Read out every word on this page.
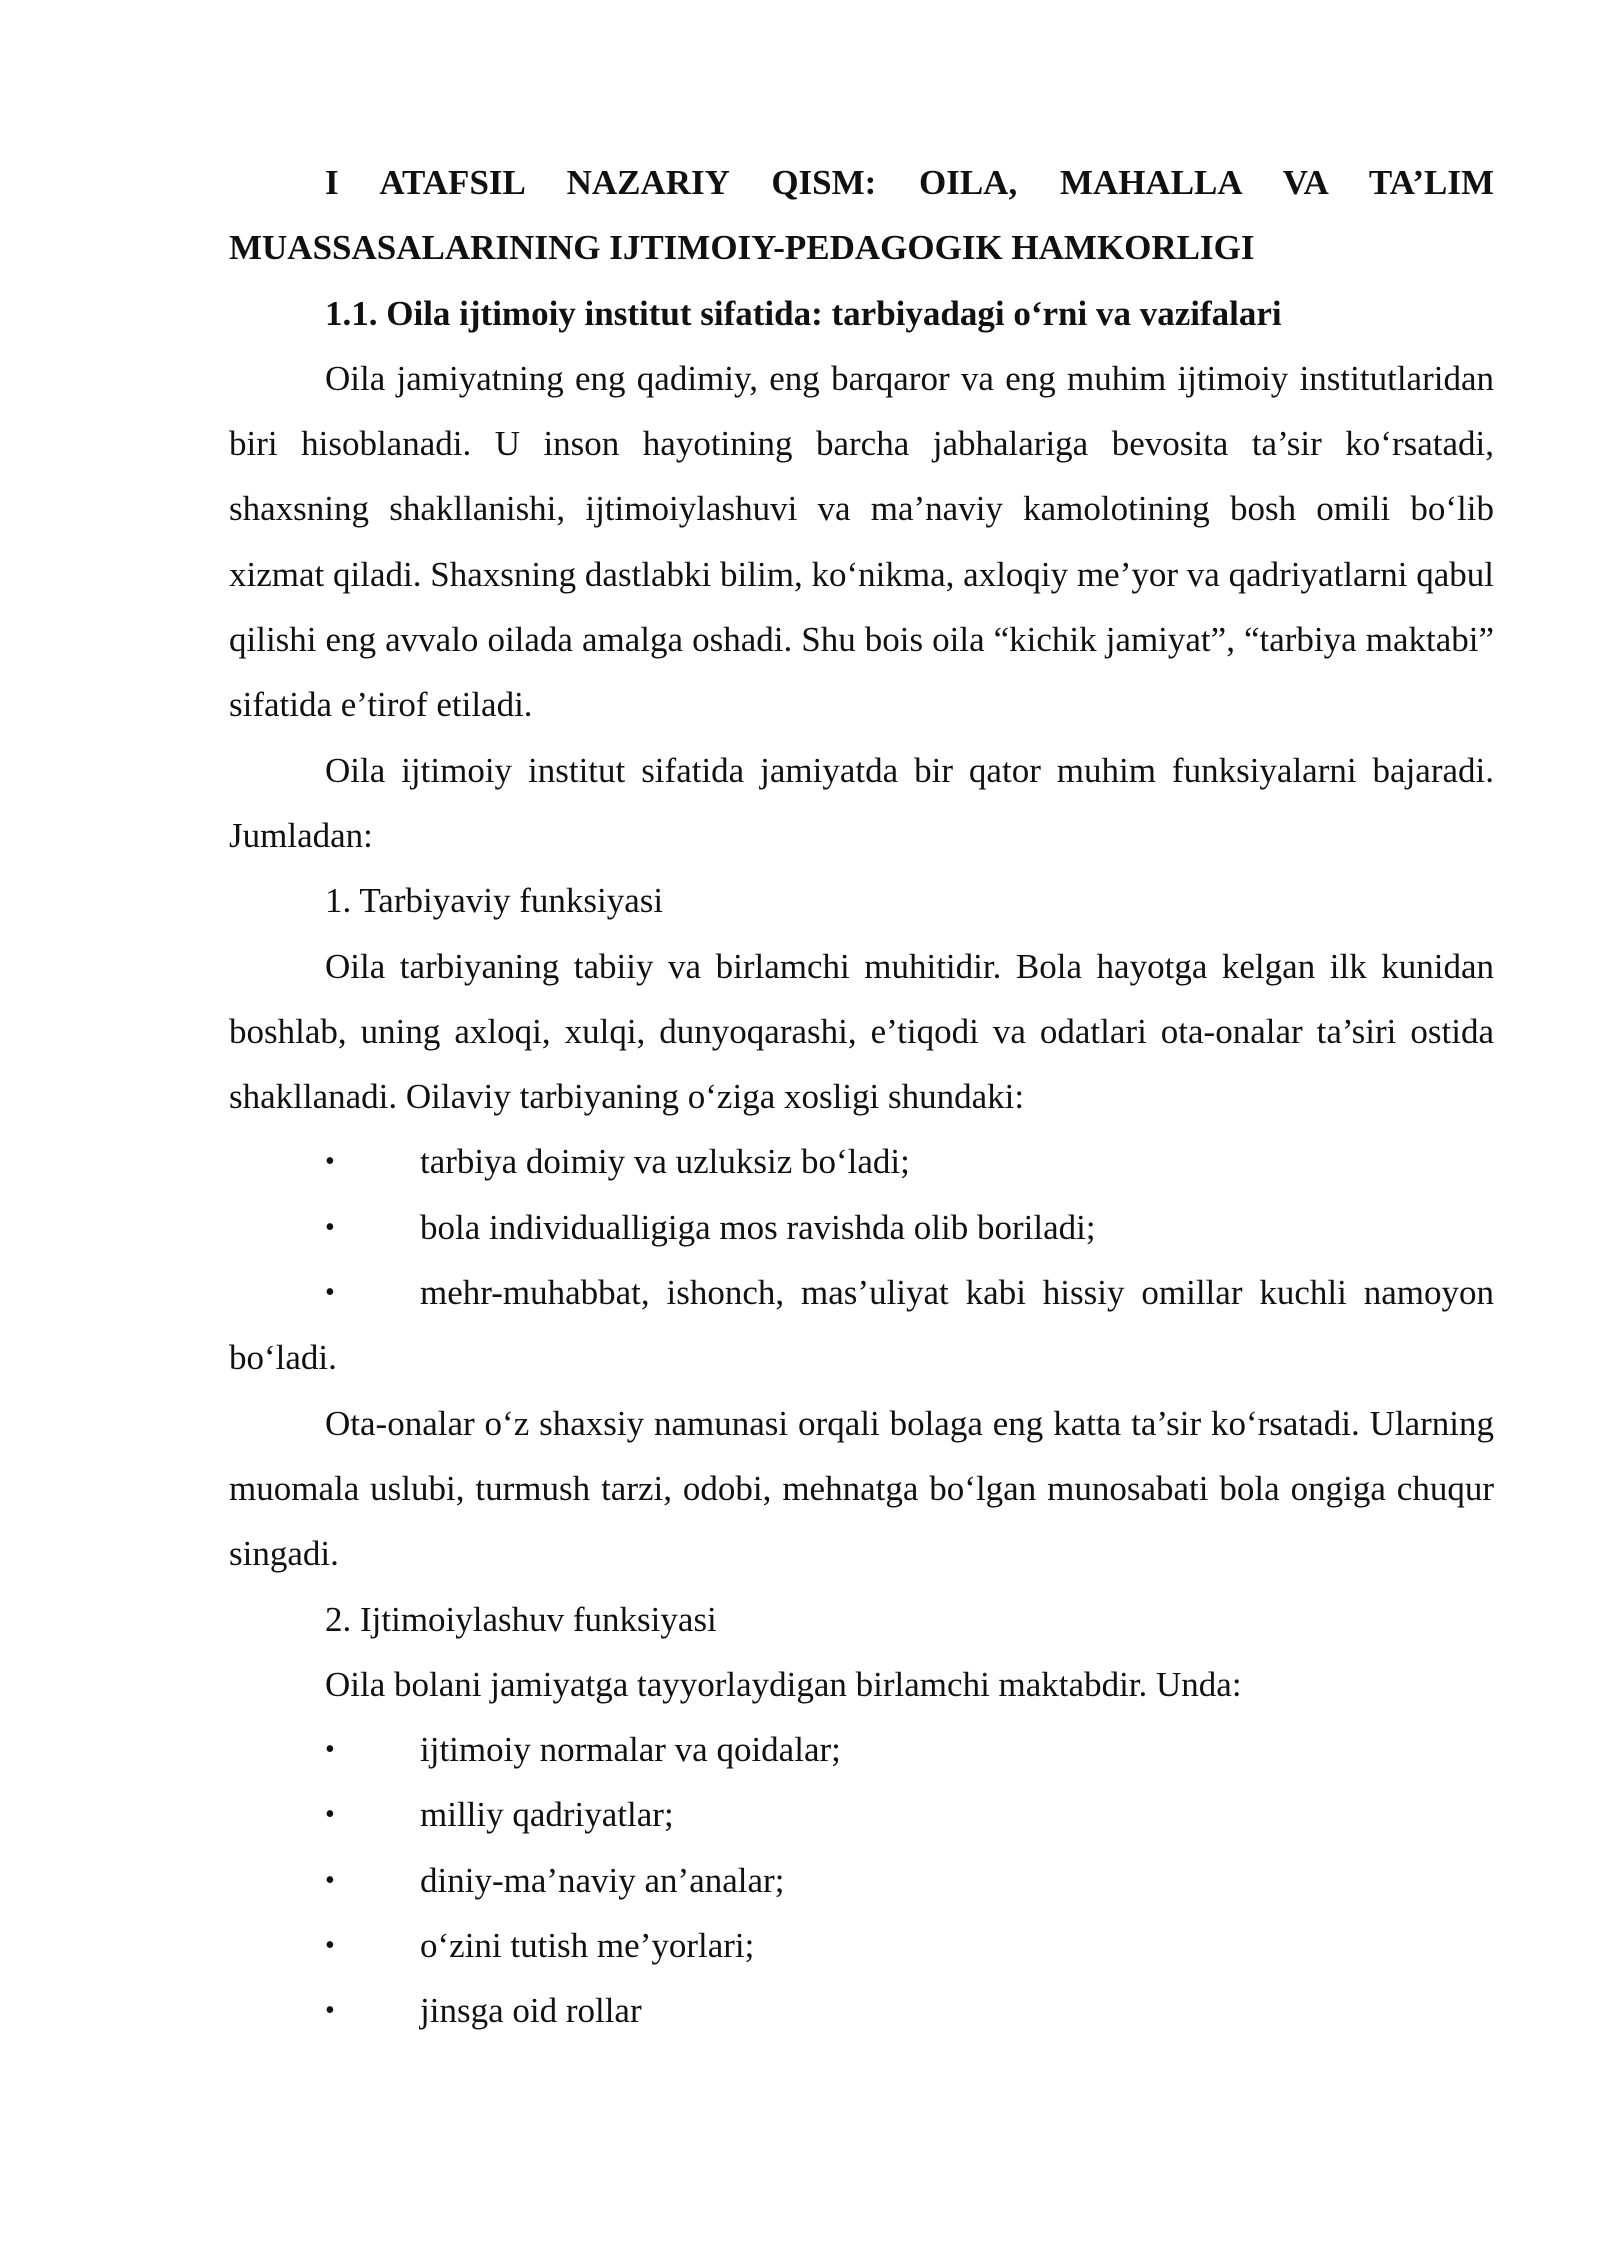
I ATAFSIL NAZARIY QISM: OILA, MAHALLA VA TA’LIM

MUASSASALARINING IJTIMOIY-PEDAGOGIK HAMKORLIGI

1.1. Oila ijtimoiy institut sifatida: tarbiyadagi o‘rni va vazifalari

Oila jamiyatning eng qadimiy, eng barqaror va eng muhim ijtimoiy institutlaridan biri hisoblanadi. U inson hayotining barcha jabhalariga bevosita ta’sir ko‘rsatadi, shaxsning shakllanishi, ijtimoiylashuvi va ma’naviy kamolotining bosh omili bo‘lib xizmat qiladi. Shaxsning dastlabki bilim, ko‘nikma, axloqiy me’yor va qadriyatlarni qabul qilishi eng avvalo oilada amalga oshadi. Shu bois oila “kichik jamiyat”, “tarbiya maktabi” sifatida e’tirof etiladi.

Oila ijtimoiy institut sifatida jamiyatda bir qator muhim funksiyalarni bajaradi. Jumladan:

1. Tarbiyaviy funksiyasi

Oila tarbiyaning tabiiy va birlamchi muhitidir. Bola hayotga kelgan ilk kunidan boshlab, uning axloqi, xulqi, dunyoqarashi, e’tiqodi va odatlari ota-onalar ta’siri ostida shakllanadi. Oilaviy tarbiyaning o‘ziga xosligi shundaki:

• tarbiya doimiy va uzluksiz bo‘ladi;
• bola individualligiga mos ravishda olib boriladi;
• mehr-muhabbat, ishonch, mas’uliyat kabi hissiy omillar kuchli namoyon bo‘ladi.

Ota-onalar o‘z shaxsiy namunasi orqali bolaga eng katta ta’sir ko‘rsatadi. Ularning muomala uslubi, turmush tarzi, odobi, mehnatga bo‘lgan munosabati bola ongiga chuqur singadi.

2. Ijtimoiylashuv funksiyasi

Oila bolani jamiyatga tayyorlaydigan birlamchi maktabdir. Unda:

• ijtimoiy normalar va qoidalar;
• milliy qadriyatlar;
• diniy-ma’naviy an’analar;
• o‘zini tutish me’yorlari;
• jinsga oid rollar
